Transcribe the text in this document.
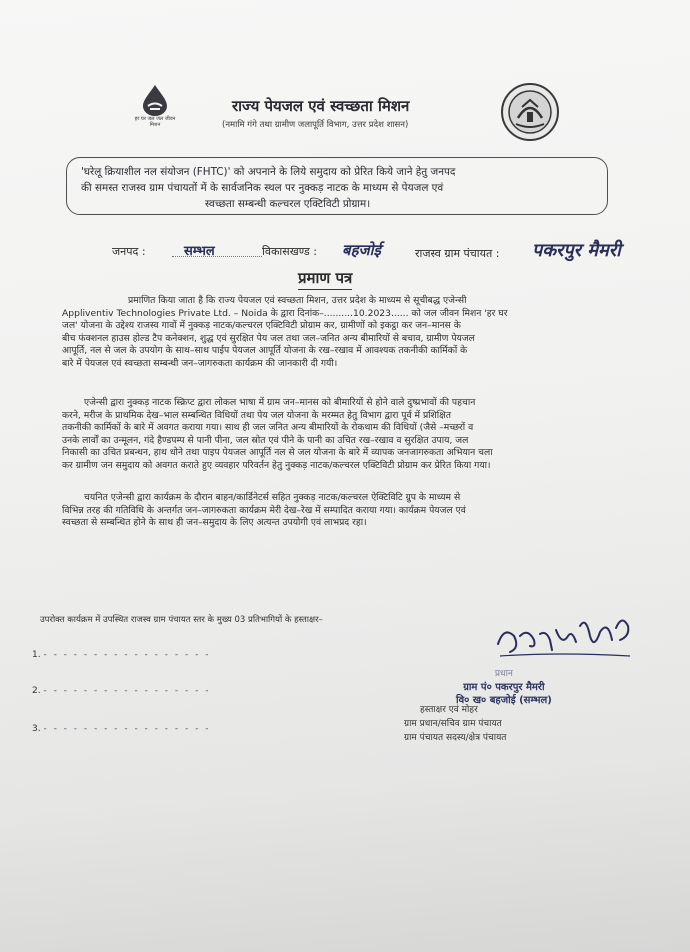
हर घर जल जल जीवन मिशन
राज्य पेयजल एवं स्वच्छता मिशन
(नमामि गंगे तथा ग्रामीण जलापूर्ति विभाग, उत्तर प्रदेश शासन)
'घरेलू क्रियाशील नल संयोजन (FHTC)' को अपनाने के लिये समुदाय को प्रेरित किये जाने हेतु जनपद
की समस्त राजस्व ग्राम पंचायतों में के सार्वजनिक स्थल पर नुक्कड़ नाटक के माध्यम से पेयजल एवं
स्वच्छता सम्बन्धी कल्चरल एक्टिविटी प्रोग्राम।
जनपद :	सम्भल	विकासखण्ड : बहजोई	राजस्व ग्राम पंचायत : पकरपुर मैमरी
प्रमाण पत्र
प्रमाणित किया जाता है कि राज्य पेयजल एवं स्वच्छता मिशन, उत्तर प्रदेश के माध्यम से सूचीबद्ध एजेन्सी
Appliventiv Technologies Private Ltd. – Noida के द्वारा दिनांक–..........10.2023...... को जल जीवन मिशन 'हर घर
जल' योजना के उद्देश्य राजस्व गावों में नुक्कड़ नाटक/कल्चरल एक्टिविटी प्रोग्राम कर, ग्रामीणों को इकट्ठा कर जन–मानस के
बीच फंक्शनल हाउस होल्ड टैप कनेक्शन, शुद्ध एवं सुरक्षित पेय जल तथा जल–जनित अन्य बीमारियों से बचाव, ग्रामीण पेयजल
आपूर्ति, नल से जल के उपयोग के साथ–साथ पाईप पेयजल आपूर्ति योजना के रख–रखाव में आवश्यक तकनीकी कार्मिकों के
बारे में पेयजल एवं स्वच्छता सम्बन्धी जन–जागरुकता कार्यक्रम की जानकारी दी गयी।
एजेन्सी द्वारा नुक्कड़ नाटक स्क्रिप्ट द्वारा लोकल भाषा में ग्राम जन–मानस को बीमारियों से होने वाले दुष्प्रभावों की पहचान
करने, मरीज के प्राथमिक देख–भाल सम्बन्धित विधियों तथा पेय जल योजना के मरम्मत हेतु विभाग द्वारा पूर्व में प्रशिक्षित
तकनीकी कार्मिकों के बारे में अवगत कराया गया। साथ ही जल जनित अन्य बीमारियों के रोकथाम की विधियों (जैसे –मच्छरों व
उनके लार्वों का उन्मूलन, गंदे हैण्डपम्प से पानी पीना, जल स्रोत एवं पीने के पानी का उचित रख–रखाव व सुरक्षित उपाय, जल
निकासी का उचित प्रबन्धन, हाथ धोने तथा पाइप पेयजल आपूर्ति नल से जल योजना के बारे में व्यापक जनजागरुकता अभियान चला
कर ग्रामीण जन समुदाय को अवगत कराते हुए व्यवहार परिवर्तन हेतु नुक्कड़ नाटक/कल्चरल एक्टिविटी प्रोग्राम कर प्रेरित किया गया।
चयनित एजेन्सी द्वारा कार्यक्रम के दौरान बाहन/कार्डिनेटर्स सहित नुक्कड़ नाटक/कल्चरल ऐक्टिविटि ग्रुप के माध्यम से
विभिन्न तरह की गतिविधि के अन्तर्गत जन–जागरुकता कार्यक्रम मेरी देख–रेख में सम्पादित कराया गया। कार्यक्रम पेयजल एवं
स्वच्छता से सम्बन्धित होने के साथ ही जन–समुदाय के लिए अत्यन्त उपयोगी एवं लाभप्रद रहा।
उपरोक्त कार्यक्रम में उपस्थित राजस्व ग्राम पंचायत स्तर के मुख्य 03 प्रतिभागियों के हस्ताक्षर–
1. - - - - - - - - - - - - - - - - -
2. - - - - - - - - - - - - - - - - -
3. - - - - - - - - - - - - - - - - -
प्रधान
ग्राम पं० पकरपुर मैमरी
वि० ख० बहजोई (सम्भल)
हस्ताक्षर एवं मोहर
ग्राम प्रधान/सचिव ग्राम पंचायत
ग्राम पंचायत सदस्य/क्षेत्र पंचायत
